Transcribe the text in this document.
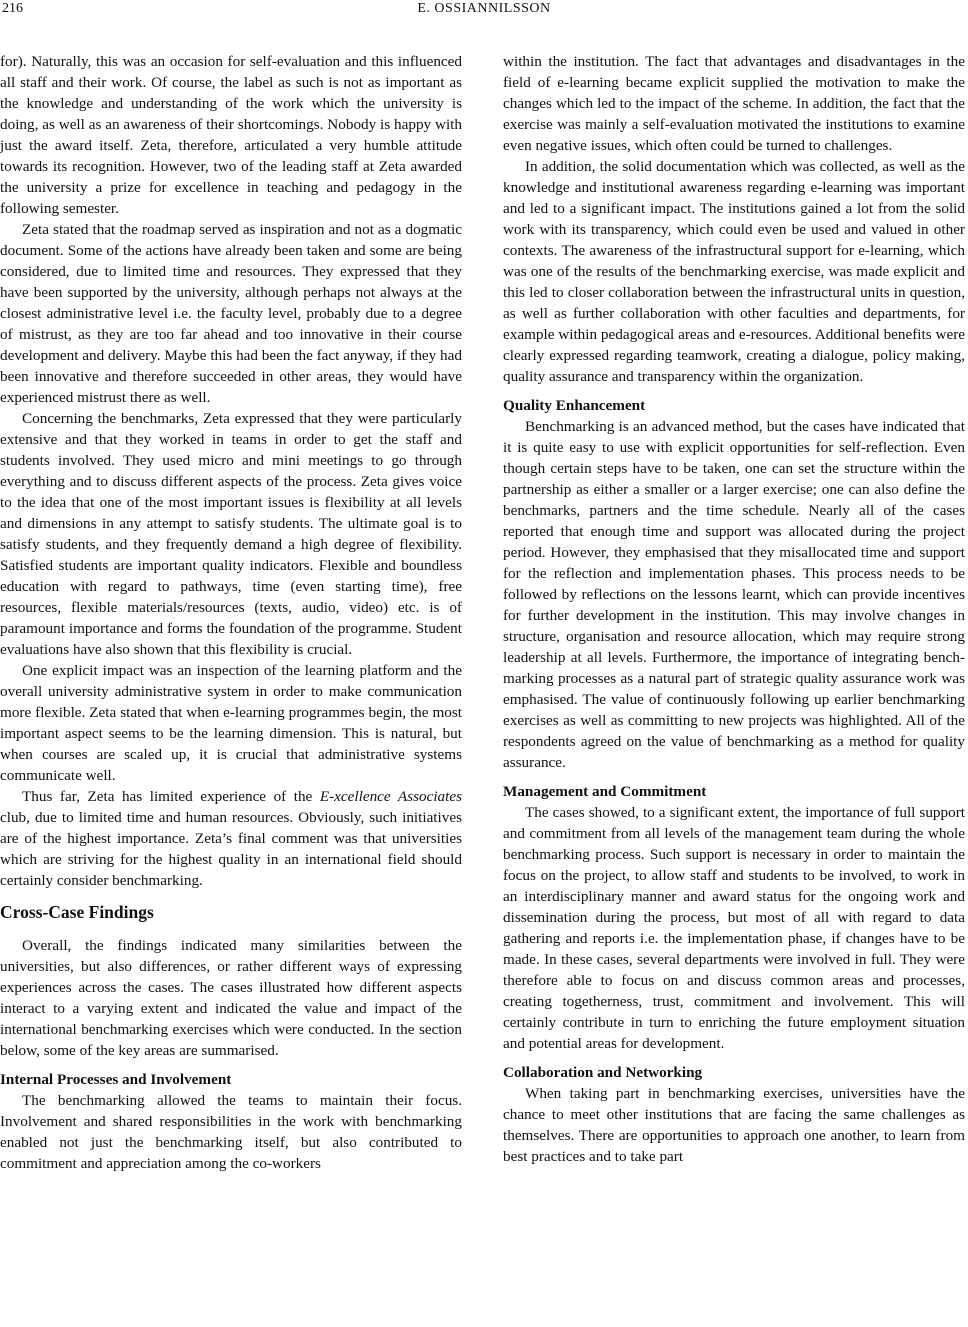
216	E. OSSIANNILSSON

for). Naturally, this was an occasion for self-evaluation and this influenced all staff and their work. Of course, the label as such is not as important as the knowledge and understanding of the work which the university is doing, as well as an awareness of their shortcomings. Nobody is happy with just the award itself. Zeta, therefore, articulated a very humble attitude towards its recognition. However, two of the leading staff at Zeta awarded the university a prize for excellence in teaching and pedagogy in the following semester.

Zeta stated that the roadmap served as inspiration and not as a dogmatic document. Some of the actions have already been taken and some are being considered, due to limited time and resources. They expressed that they have been supported by the university, although perhaps not always at the closest administrative level i.e. the faculty level, probably due to a degree of mistrust, as they are too far ahead and too innovative in their course development and delivery. Maybe this had been the fact anyway, if they had been innovative and therefore succeeded in other areas, they would have experienced mistrust there as well.

Concerning the benchmarks, Zeta expressed that they were particularly extensive and that they worked in teams in order to get the staff and students involved. They used micro and mini meetings to go through everything and to discuss different aspects of the process. Zeta gives voice to the idea that one of the most important issues is flexibility at all levels and dimensions in any attempt to satisfy students. The ultimate goal is to satisfy students, and they frequently demand a high degree of flexibility. Satisfied students are important quality indicators. Flexible and boundless education with regard to pathways, time (even starting time), free resources, flexible materials/resources (texts, audio, video) etc. is of paramount importance and forms the foundation of the programme. Student evaluations have also shown that this flexibility is crucial.

One explicit impact was an inspection of the learning platform and the overall university administrative system in order to make communication more flexible. Zeta stated that when e-learning programmes begin, the most important aspect seems to be the learning dimension. This is natural, but when courses are scaled up, it is crucial that administrative systems communicate well.

Thus far, Zeta has limited experience of the E-xcellence Associates club, due to limited time and human resources. Obviously, such initiatives are of the highest importance. Zeta’s final comment was that universities which are striving for the highest quality in an international field should certainly consider benchmarking.

Cross-Case Findings

Overall, the findings indicated many similarities between the universities, but also differences, or rather different ways of expressing experiences across the cases. The cases illustrated how different aspects interact to a varying extent and indicated the value and impact of the international benchmarking exercises which were conducted. In the section below, some of the key areas are summarised.

Internal Processes and Involvement

The benchmarking allowed the teams to maintain their focus. Involvement and shared responsibilities in the work with benchmarking enabled not just the benchmarking itself, but also contributed to commitment and appreciation among the co-workers

within the institution. The fact that advantages and disadvantages in the field of e-learning became explicit supplied the motivation to make the changes which led to the impact of the scheme. In addition, the fact that the exercise was mainly a self-evaluation motivated the institutions to examine even negative issues, which often could be turned to challenges.

In addition, the solid documentation which was collected, as well as the knowledge and institutional awareness regarding e-learning was important and led to a significant impact. The institutions gained a lot from the solid work with its transparency, which could even be used and valued in other contexts. The awareness of the infrastructural support for e-learning, which was one of the results of the benchmarking exercise, was made explicit and this led to closer collaboration between the infrastructural units in question, as well as further collaboration with other faculties and departments, for example within pedagogical areas and e-resources. Additional benefits were clearly expressed regarding teamwork, creating a dialogue, policy making, quality assurance and transparency within the organization.

Quality Enhancement

Benchmarking is an advanced method, but the cases have indicated that it is quite easy to use with explicit opportunities for self-reflection. Even though certain steps have to be taken, one can set the structure within the partnership as either a smaller or a larger exercise; one can also define the benchmarks, partners and the time schedule. Nearly all of the cases reported that enough time and support was allocated during the project period. However, they emphasised that they misallocated time and support for the reflection and implementation phases. This process needs to be followed by reflections on the lessons learnt, which can provide incentives for further development in the institution. This may involve changes in structure, organisation and resource allocation, which may require strong leadership at all levels. Furthermore, the importance of integrating benchmarking processes as a natural part of strategic quality assurance work was emphasised. The value of continuously following up earlier benchmarking exercises as well as committing to new projects was highlighted. All of the respondents agreed on the value of benchmarking as a method for quality assurance.

Management and Commitment

The cases showed, to a significant extent, the importance of full support and commitment from all levels of the management team during the whole benchmarking process. Such support is necessary in order to maintain the focus on the project, to allow staff and students to be involved, to work in an interdisciplinary manner and award status for the ongoing work and dissemination during the process, but most of all with regard to data gathering and reports i.e. the implementation phase, if changes have to be made. In these cases, several departments were involved in full. They were therefore able to focus on and discuss common areas and processes, creating togetherness, trust, commitment and involvement. This will certainly contribute in turn to enriching the future employment situation and potential areas for development.

Collaboration and Networking

When taking part in benchmarking exercises, universities have the chance to meet other institutions that are facing the same challenges as themselves. There are opportunities to approach one another, to learn from best practices and to take part
